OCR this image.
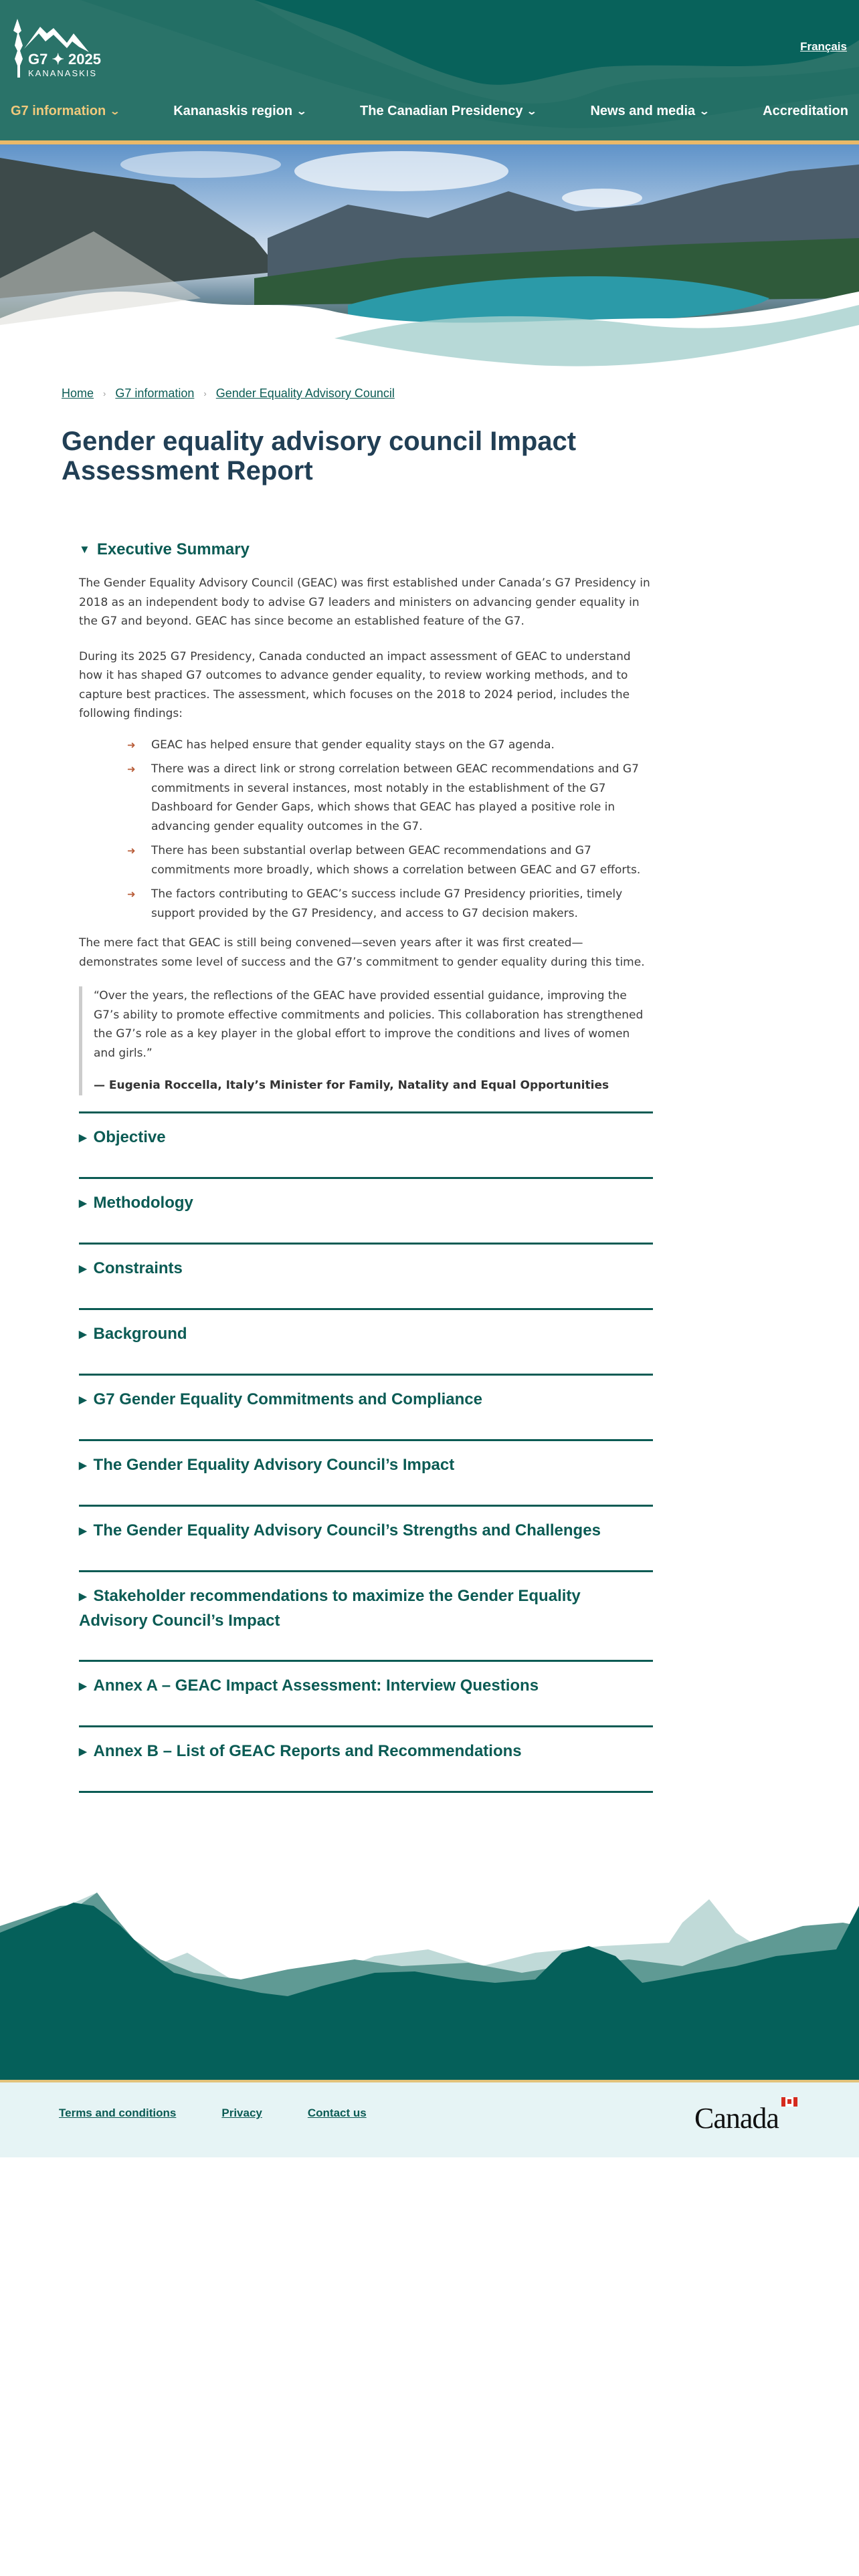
G7 ✦ 2025
KANANASKIS
Français
G7 information ⌄	Kananaskis region ⌄	The Canadian Presidency ⌄	News and media ⌄	Accreditation
Home › G7 information › Gender Equality Advisory Council
Gender equality advisory council Impact Assessment Report
▼ Executive Summary

The Gender Equality Advisory Council (GEAC) was first established under Canada’s G7 Presidency in 2018 as an independent body to advise G7 leaders and ministers on advancing gender equality in the G7 and beyond. GEAC has since become an established feature of the G7.

During its 2025 G7 Presidency, Canada conducted an impact assessment of GEAC to understand how it has shaped G7 outcomes to advance gender equality, to review working methods, and to capture best practices. The assessment, which focuses on the 2018 to 2024 period, includes the following findings:

➜ GEAC has helped ensure that gender equality stays on the G7 agenda.
➜ There was a direct link or strong correlation between GEAC recommendations and G7 commitments in several instances, most notably in the establishment of the G7 Dashboard for Gender Gaps, which shows that GEAC has played a positive role in advancing gender equality outcomes in the G7.
➜ There has been substantial overlap between GEAC recommendations and G7 commitments more broadly, which shows a correlation between GEAC and G7 efforts.
➜ The factors contributing to GEAC’s success include G7 Presidency priorities, timely support provided by the G7 Presidency, and access to G7 decision makers.

The mere fact that GEAC is still being convened—seven years after it was first created—demonstrates some level of success and the G7’s commitment to gender equality during this time.

“Over the years, the reflections of the GEAC have provided essential guidance, improving the G7’s ability to promote effective commitments and policies. This collaboration has strengthened the G7’s role as a key player in the global effort to improve the conditions and lives of women and girls.”

— Eugenia Roccella, Italy’s Minister for Family, Natality and Equal Opportunities

▶ Objective
▶ Methodology
▶ Constraints
▶ Background
▶ G7 Gender Equality Commitments and Compliance
▶ The Gender Equality Advisory Council’s Impact
▶ The Gender Equality Advisory Council’s Strengths and Challenges
▶ Stakeholder recommendations to maximize the Gender Equality Advisory Council’s Impact
▶ Annex A – GEAC Impact Assessment: Interview Questions
▶ Annex B – List of GEAC Reports and Recommendations
Terms and conditions	Privacy	Contact us	Canada
